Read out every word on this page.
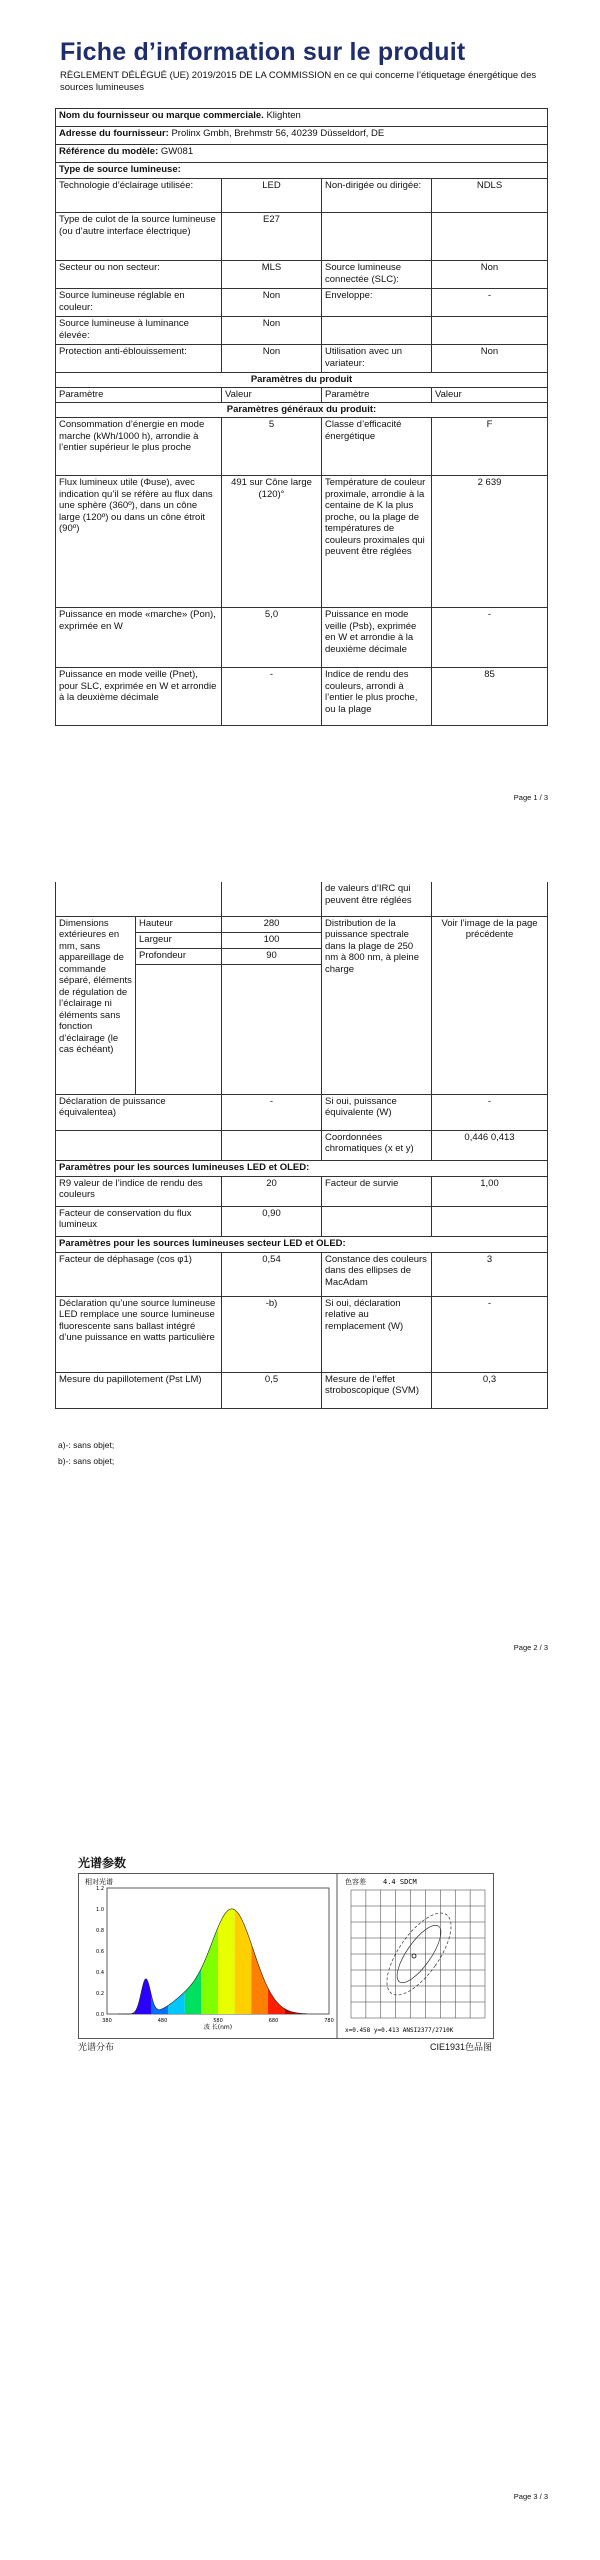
Fiche d’information sur le produit
RÈGLEMENT DÉLÉGUÉ (UE) 2019/2015 DE LA COMMISSION en ce qui concerne l’étiquetage énergétique des sources lumineuses
Nom du fournisseur ou marque commerciale. Klighten			
Adresse du fournisseur: Prolinx Gmbh, Brehmstr 56, 40239 Düsseldorf, DE			
Référence du modèle: GW081			
Type de source lumineuse:			
Technologie d’éclairage utilisée:	LED	Non-dirigée ou dirigée:	NDLS
Type de culot de la source lumineuse (ou d’autre interface électrique)	E27		
Secteur ou non secteur:	MLS	Source lumineuse connectée (SLC):	Non
Source lumineuse réglable en couleur:	Non	Enveloppe:	-
Source lumineuse à luminance élevée:	Non		
Protection anti-éblouissement:	Non	Utilisation avec un variateur:	Non
Paramètres du produit			
Paramètre	Valeur	Paramètre	Valeur
Paramètres généraux du produit:			
Consommation d’énergie en mode marche (kWh/1000 h), arrondie à l’entier supérieur le plus proche	5	Classe d’efficacité énergétique	F
Flux lumineux utile (Φuse), avec indication qu’il se réfère au flux dans une sphère (360º), dans un cône large (120º) ou dans un cône étroit (90º)	491 sur Cône large (120)°	Température de couleur proximale, arrondie à la centaine de K la plus proche, ou la plage de températures de couleurs proximales qui peuvent être réglées	2 639
Puissance en mode «marche» (Pon), exprimée en W	5,0	Puissance en mode veille (Psb), exprimée en W et arrondie à la deuxième décimale	-
Puissance en mode veille (Pnet), pour SLC, exprimée en W et arrondie à la deuxième décimale	-	Indice de rendu des couleurs, arrondi à l’entier le plus proche, ou la plage	85
Page 1 / 3
			de valeurs d’IRC qui peuvent être réglées	
Dimensions extérieures en mm, sans appareillage de commande séparé, éléments de régulation de l’éclairage ni éléments sans fonction d’éclairage (le cas échéant)	Hauteur	280	Distribution de la puissance spectrale dans la plage de 250 nm à 800 nm, à pleine charge	Voir l’image de la page précédente
	Largeur	100		
	Profondeur	90		

Déclaration de puissance équivalentea)		-	Si oui, puissance équivalente (W)	-
			Coordonnées chromatiques (x et y)	0,446 0,413
Paramètres pour les sources lumineuses LED et OLED:				
R9 valeur de l’indice de rendu des couleurs		20	Facteur de survie	1,00
Facteur de conservation du flux lumineux		0,90		
Paramètres pour les sources lumineuses secteur LED et OLED:				
Facteur de déphasage (cos φ1)		0,54	Constance des couleurs dans des ellipses de MacAdam	3
Déclaration qu’une source lumineuse LED remplace une source lumineuse fluorescente sans ballast intégré d’une puissance en watts particulière		-b)	Si oui, déclaration relative au remplacement (W)	-
Mesure du papillotement (Pst LM)		0,5	Mesure de l’effet stroboscopique (SVM)	0,3
a)-: sans objet;
b)-: sans objet;
Page 2 / 3
光谱参数
相对光谱
0.0
0.2
0.4
0.6
0.8
1.0
1.2
380	480	580	680	780
波 长(nm)
色容差 4.4 SDCM
x=0.458 y=0.413 ANSI2377/2710K
光谱分布	CIE1931色品图
Page 3 / 3
